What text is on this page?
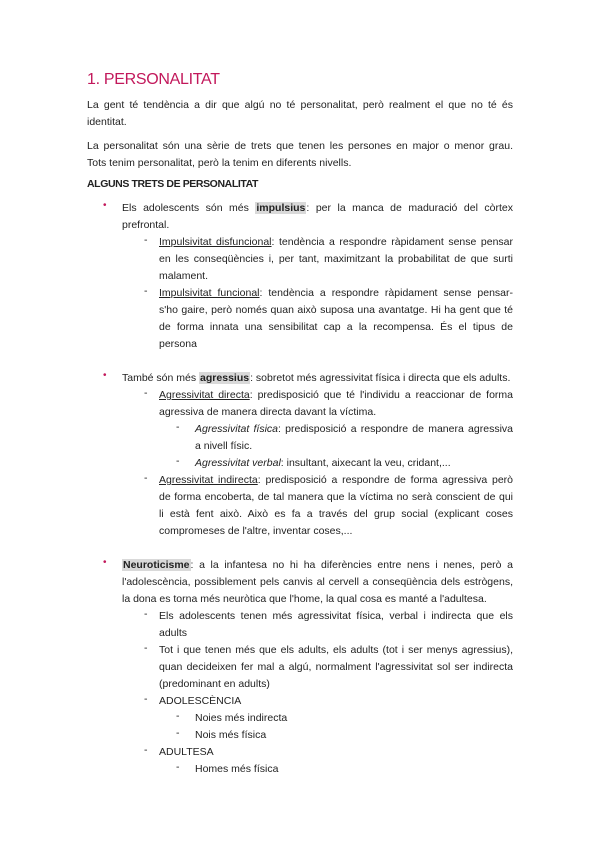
1. PERSONALITAT
La gent té tendència a dir que algú no té personalitat, però realment el que no té és
identitat.
La personalitat són una sèrie de trets que tenen les persones en major o menor grau.
Tots tenim personalitat, però la tenim en diferents nivells.
ALGUNS TRETS DE PERSONALITAT
• Els adolescents són més impulsius: per la manca de maduració del còrtex
prefrontal.
- Impulsivitat disfuncional: tendència a respondre ràpidament sense pensar
en les conseqüències i, per tant, maximitzant la probabilitat de que surti
malament.
- Impulsivitat funcional: tendència a respondre ràpidament sense pensar-
s'ho gaire, però només quan això suposa una avantatge. Hi ha gent que té
de forma innata una sensibilitat cap a la recompensa. És el tipus de
persona
• També són més agressius: sobretot més agressivitat física i directa que els adults.
- Agressivitat directa: predisposició que té l'individu a reaccionar de forma
agressiva de manera directa davant la víctima.
- Agressivitat física: predisposició a respondre de manera agressiva
a nivell físic.
- Agressivitat verbal: insultant, aixecant la veu, cridant,...
- Agressivitat indirecta: predisposició a respondre de forma agressiva però
de forma encoberta, de tal manera que la víctima no serà conscient de qui
li està fent això. Això es fa a través del grup social (explicant coses
compromeses de l'altre, inventar coses,...
• Neuroticisme: a la infantesa no hi ha diferències entre nens i nenes, però a
l'adolescència, possiblement pels canvis al cervell a conseqüència dels estrògens,
la dona es torna més neuròtica que l'home, la qual cosa es manté a l'adultesa.
- Els adolescents tenen més agressivitat física, verbal i indirecta que els
adults
- Tot i que tenen més que els adults, els adults (tot i ser menys agressius),
quan decideixen fer mal a algú, normalment l'agressivitat sol ser indirecta
(predominant en adults)
- ADOLESCÈNCIA
- Noies més indirecta
- Nois més física
- ADULTESA
- Homes més física
